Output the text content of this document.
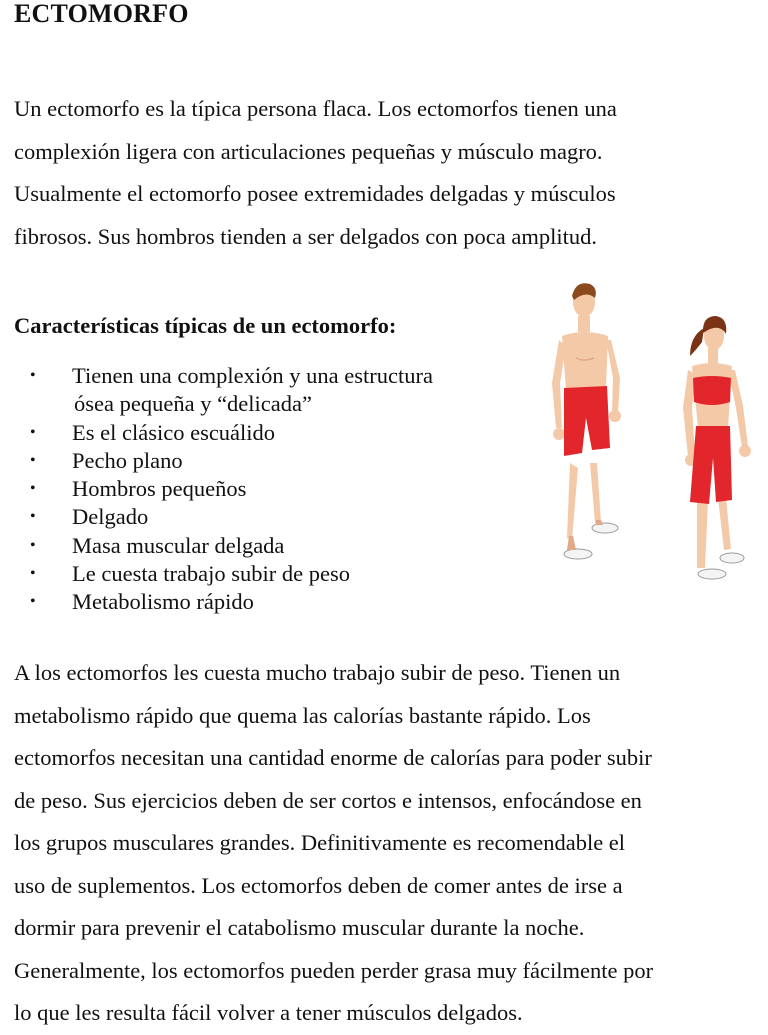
ECTOMORFO
Un ectomorfo es la típica persona flaca. Los ectomorfos tienen una
complexión ligera con articulaciones pequeñas y músculo magro.
Usualmente el ectomorfo posee extremidades delgadas y músculos
fibrosos. Sus hombros tienden a ser delgados con poca amplitud.
Características típicas de un ectomorfo:
• Tienen una complexión y una estructura
ósea pequeña y “delicada”
• Es el clásico escuálido
• Pecho plano
• Hombros pequeños
• Delgado
• Masa muscular delgada
• Le cuesta trabajo subir de peso
• Metabolismo rápido
A los ectomorfos les cuesta mucho trabajo subir de peso. Tienen un
metabolismo rápido que quema las calorías bastante rápido. Los
ectomorfos necesitan una cantidad enorme de calorías para poder subir
de peso. Sus ejercicios deben de ser cortos e intensos, enfocándose en
los grupos musculares grandes. Definitivamente es recomendable el
uso de suplementos. Los ectomorfos deben de comer antes de irse a
dormir para prevenir el catabolismo muscular durante la noche.
Generalmente, los ectomorfos pueden perder grasa muy fácilmente por
lo que les resulta fácil volver a tener músculos delgados.
